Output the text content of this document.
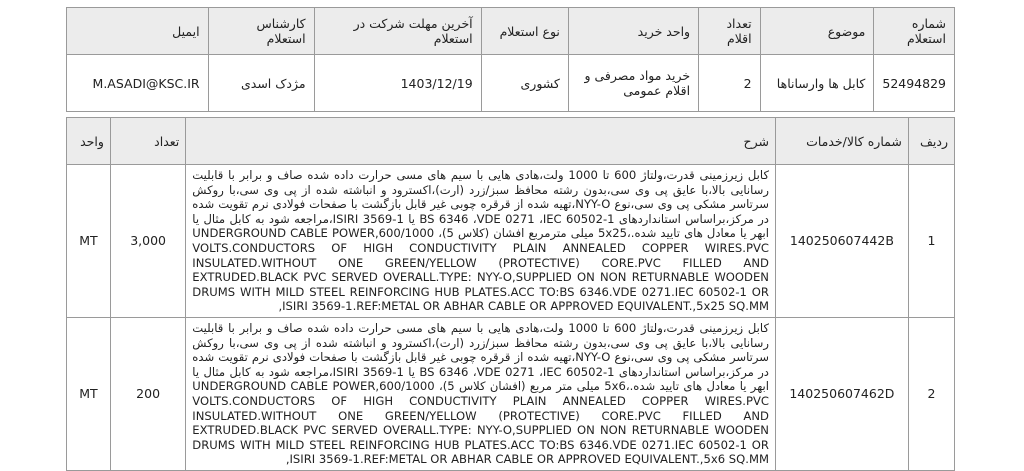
شماره استعلام	موضوع	تعداد اقلام	واحد خرید	نوع استعلام	آخرین مهلت شرکت در استعلام	کارشناس استعلام	ایمیل
52494829	کابل ها وارساناها	2	خرید مواد مصرفی و اقلام عمومی	کشوری	1403/12/19	مژدک اسدی	M.ASADI@KSC.IR
ردیف	شماره کالا/خدمات	شرح	تعداد	واحد
1	140250607442B	کابل زیرزمینی قدرت،ولتاژ 600 تا 1000 ولت،هادی هایی با سیم های مسی حرارت داده شده صاف و برابر با قابلیت رسانایی بالا،با عایق پی وی سی،بدون رشته محافظ سبز/زرد (ارت)،اکسترود و انباشته شده از پی وی سی،با روکش سرتاسر مشکی پی وی سی،نوع NYY-O،تهیه شده از قرقره چوبی غیر قابل بازگشت با صفحات فولادی نرم تقویت شده در مرکز،براساس استانداردهای BS 6346 ،VDE 0271 ،IEC 60502-1 یا ISIRI 3569-1،مراجعه شود به کابل مثال یا ابهر یا معادل های تایید شده.،5x25 میلی مترمربع افشان (کلاس 5)، UNDERGROUND CABLE POWER,600/1000 VOLTS.CONDUCTORS OF HIGH CONDUCTIVITY PLAIN ANNEALED COPPER WIRES.PVC INSULATED.WITHOUT ONE GREEN/YELLOW (PROTECTIVE) CORE.PVC FILLED AND EXTRUDED.BLACK PVC SERVED OVERALL.TYPE: NYY-O,SUPPLIED ON NON RETURNABLE WOODEN DRUMS WITH MILD STEEL REINFORCING HUB PLATES.ACC TO:BS 6346.VDE 0271.IEC 60502-1 OR ISIRI 3569-1.REF:METAL OR ABHAR CABLE OR APPROVED EQUIVALENT.,5x25 SQ.MM,	3,000	MT
2	140250607462D	کابل زیرزمینی قدرت،ولتاژ 600 تا 1000 ولت،هادی هایی با سیم های مسی حرارت داده شده صاف و برابر با قابلیت رسانایی بالا،با عایق پی وی سی،بدون رشته محافظ سبز/زرد (ارت)،اکسترود و انباشته شده از پی وی سی،با روکش سرتاسر مشکی پی وی سی،نوع NYY-O،تهیه شده از قرقره چوبی غیر قابل بازگشت با صفحات فولادی نرم تقویت شده در مرکز،براساس استانداردهای BS 6346 ،VDE 0271 ،IEC 60502-1 یا ISIRI 3569-1،مراجعه شود به کابل مثال یا ابهر یا معادل های تایید شده.،5x6 میلی متر مربع (افشان کلاس 5)، UNDERGROUND CABLE POWER,600/1000 VOLTS.CONDUCTORS OF HIGH CONDUCTIVITY PLAIN ANNEALED COPPER WIRES.PVC INSULATED.WITHOUT ONE GREEN/YELLOW (PROTECTIVE) CORE.PVC FILLED AND EXTRUDED.BLACK PVC SERVED OVERALL.TYPE: NYY-O,SUPPLIED ON NON RETURNABLE WOODEN DRUMS WITH MILD STEEL REINFORCING HUB PLATES.ACC TO:BS 6346.VDE 0271.IEC 60502-1 OR ISIRI 3569-1.REF:METAL OR ABHAR CABLE OR APPROVED EQUIVALENT.,5x6 SQ.MM,	200	MT
